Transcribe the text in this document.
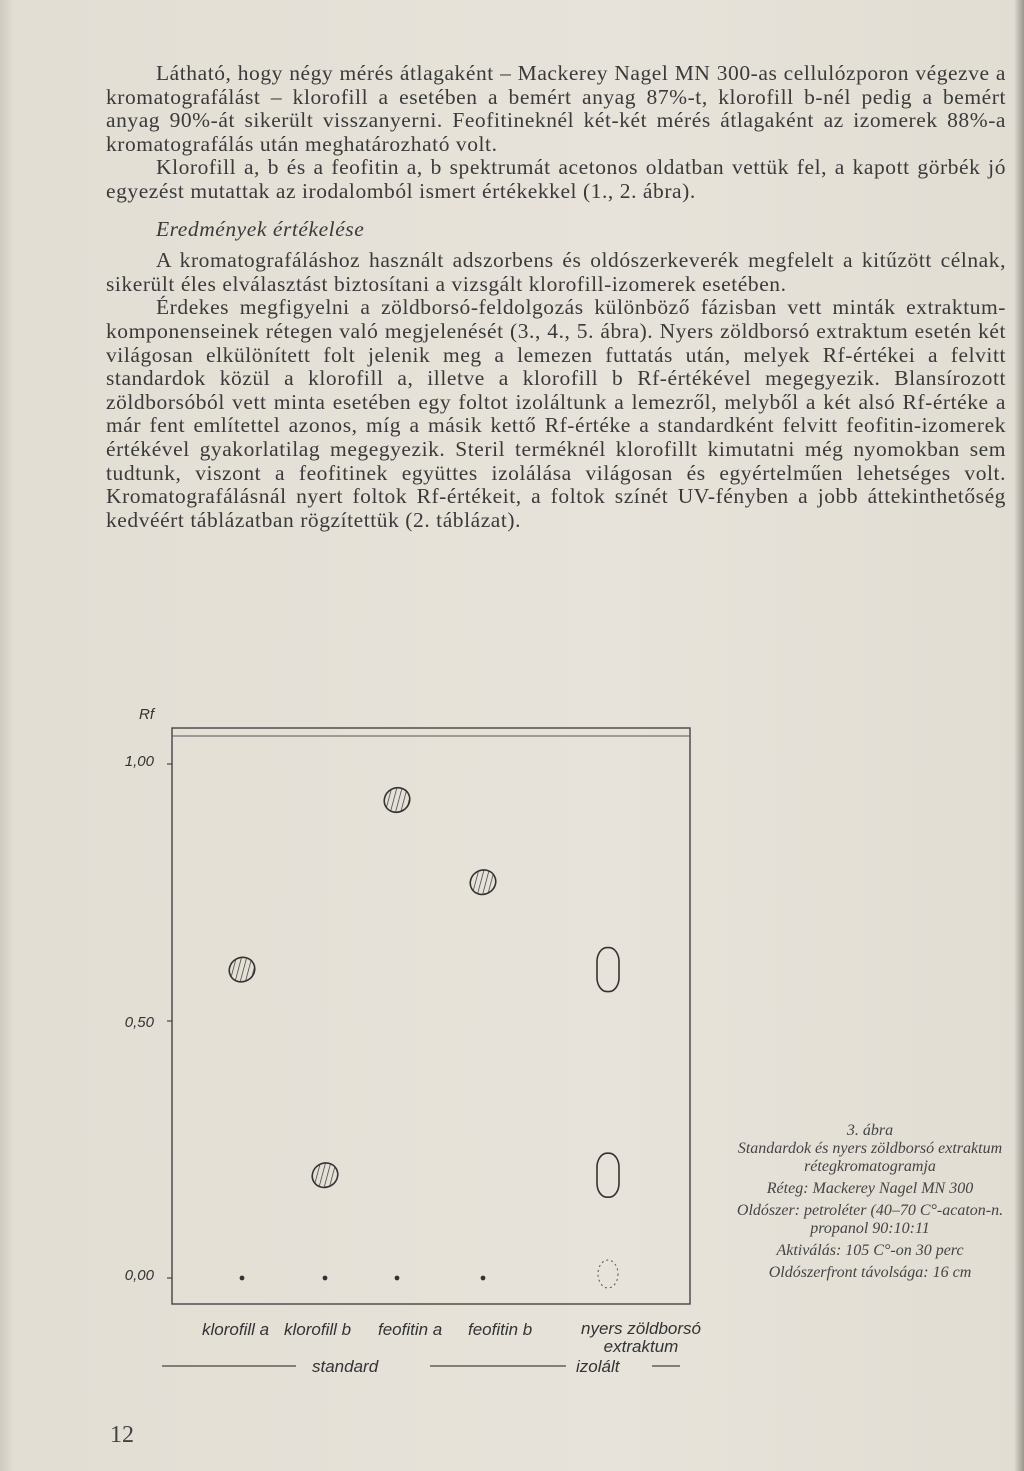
Látható, hogy négy mérés átlagaként – Mackerey Nagel MN 300-as cellulózporon végezve a kromatografálást – klorofill a esetében a bemért anyag 87%-t, klorofill b-nél pedig a bemért anyag 90%-át sikerült visszanyerni. Feofitineknél két-két mérés átlagaként az izomerek 88%-a kromatografálás után meghatározható volt.

Klorofill a, b és a feofitin a, b spektrumát acetonos oldatban vettük fel, a kapott görbék jó egyezést mutattak az irodalomból ismert értékekkel (1., 2. ábra).

Eredmények értékelése

A kromatografáláshoz használt adszorbens és oldószerkeverék megfelelt a kitűzött célnak, sikerült éles elválasztást biztosítani a vizsgált klorofill-izomerek esetében.

Érdekes megfigyelni a zöldborsó-feldolgozás különböző fázisban vett minták extraktum-komponenseinek rétegen való megjelenését (3., 4., 5. ábra). Nyers zöldborsó extraktum esetén két világosan elkülönített folt jelenik meg a lemezen futtatás után, melyek Rf-értékei a felvitt standardok közül a klorofill a, illetve a klorofill b Rf-értékével megegyezik. Blansírozott zöldborsóból vett minta esetében egy foltot izoláltunk a lemezről, melyből a két alsó Rf-értéke a már fent említettel azonos, míg a másik kettő Rf-értéke a standardként felvitt feofitin-izomerek értékével gyakorlatilag megegyezik. Steril terméknél klorofillt kimutatni még nyomokban sem tudtunk, viszont a feofitinek együttes izolálása világosan és egyértelműen lehetséges volt. Kromatografálásnál nyert foltok Rf-értékeit, a foltok színét UV-fényben a jobb áttekinthetőség kedvéért táblázatban rögzítettük (2. táblázat).

Rf
1,00
0,50
0,00
klorofill a klorofill b feofitin a feofitin b	nyers zöldborsó extraktum
standard	izolált

3. ábra

Standardok és nyers zöldborsó extraktum rétegkromatogramja

Réteg: Mackerey Nagel MN 300

Oldószer: petroléter (40–70 C°-acaton-n. propanol 90:10:11

Aktiválás: 105 C°-on 30 perc

Oldószerfront távolsága: 16 cm

12
